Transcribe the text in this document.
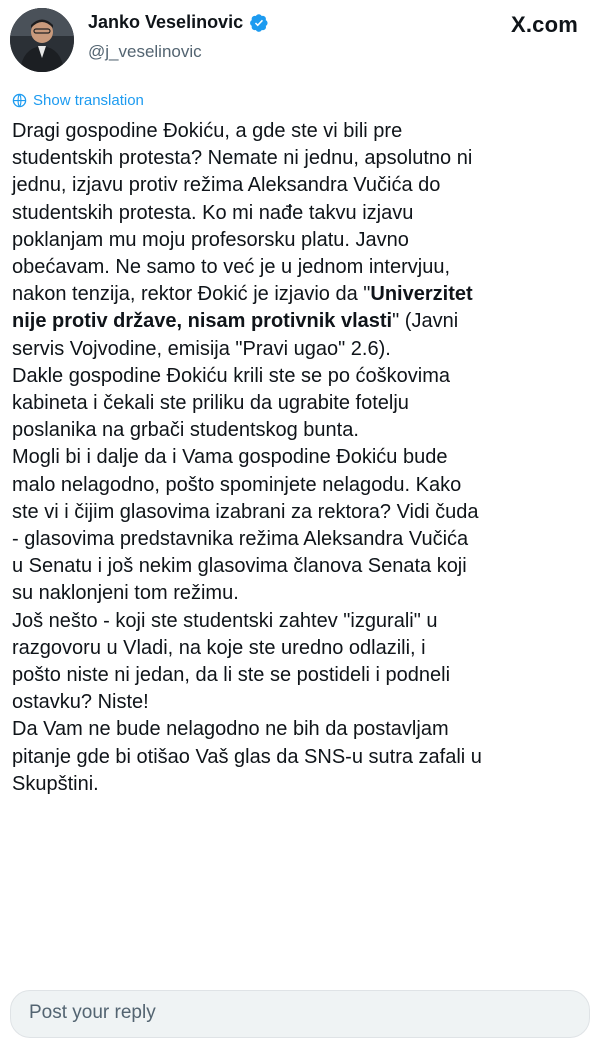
Janko Veselinovic
@j_veselinovic
X.com
Show translation

Dragi gospodine Đokiću, a gde ste vi bili pre
studentskih protesta? Nemate ni jednu, apsolutno ni
jednu, izjavu protiv režima Aleksandra Vučića do
studentskih protesta. Ko mi nađe takvu izjavu
poklanjam mu moju profesorsku platu. Javno
obećavam. Ne samo to već je u jednom intervjuu,
nakon tenzija, rektor Đokić je izjavio da "Univerzitet
nije protiv države, nisam protivnik vlasti" (Javni
servis Vojvodine, emisija "Pravi ugao" 2.6).
Dakle gospodine Đokiću krili ste se po ćoškovima
kabineta i čekali ste priliku da ugrabite fotelju
poslanika na grbači studentskog bunta.
Mogli bi i dalje da i Vama gospodine Đokiću bude
malo nelagodno, pošto spominjete nelagodu. Kako
ste vi i čijim glasovima izabrani za rektora? Vidi čuda
- glasovima predstavnika režima Aleksandra Vučića
u Senatu i još nekim glasovima članova Senata koji
su naklonjeni tom režimu.
Još nešto - koji ste studentski zahtev "izgurali" u
razgovoru u Vladi, na koje ste uredno odlazili, i
pošto niste ni jedan, da li ste se postideli i podneli
ostavku? Niste!
Da Vam ne bude nelagodno ne bih da postavljam
pitanje gde bi otišao Vaš glas da SNS-u sutra zafali u
Skupštini.

Post your reply
